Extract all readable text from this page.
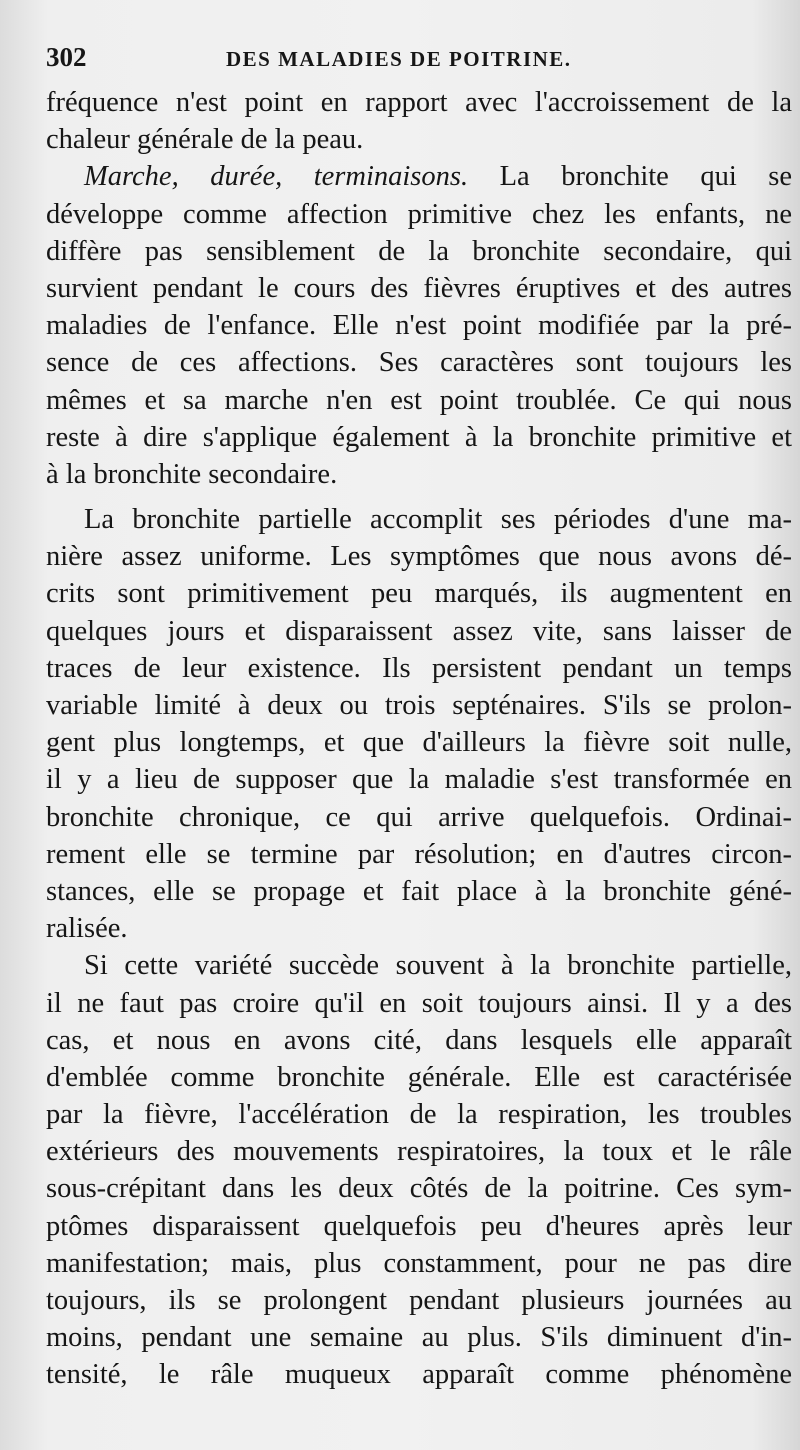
302	DES MALADIES DE POITRINE.
fréquence n'est point en rapport avec l'accroissement de la
chaleur générale de la peau.
Marche, durée, terminaisons. La bronchite qui se
développe comme affection primitive chez les enfants, ne
diffère pas sensiblement de la bronchite secondaire, qui
survient pendant le cours des fièvres éruptives et des autres
maladies de l'enfance. Elle n'est point modifiée par la pré-
sence de ces affections. Ses caractères sont toujours les
mêmes et sa marche n'en est point troublée. Ce qui nous
reste à dire s'applique également à la bronchite primitive et
à la bronchite secondaire.
La bronchite partielle accomplit ses périodes d'une ma-
nière assez uniforme. Les symptômes que nous avons dé-
crits sont primitivement peu marqués, ils augmentent en
quelques jours et disparaissent assez vite, sans laisser de
traces de leur existence. Ils persistent pendant un temps
variable limité à deux ou trois septénaires. S'ils se prolon-
gent plus longtemps, et que d'ailleurs la fièvre soit nulle,
il y a lieu de supposer que la maladie s'est transformée en
bronchite chronique, ce qui arrive quelquefois. Ordinai-
rement elle se termine par résolution; en d'autres circon-
stances, elle se propage et fait place à la bronchite géné-
ralisée.
Si cette variété succède souvent à la bronchite partielle,
il ne faut pas croire qu'il en soit toujours ainsi. Il y a des
cas, et nous en avons cité, dans lesquels elle apparaît
d'emblée comme bronchite générale. Elle est caractérisée
par la fièvre, l'accélération de la respiration, les troubles
extérieurs des mouvements respiratoires, la toux et le râle
sous-crépitant dans les deux côtés de la poitrine. Ces sym-
ptômes disparaissent quelquefois peu d'heures après leur
manifestation; mais, plus constamment, pour ne pas dire
toujours, ils se prolongent pendant plusieurs journées au
moins, pendant une semaine au plus. S'ils diminuent d'in-
tensité, le râle muqueux apparaît comme phénomène
